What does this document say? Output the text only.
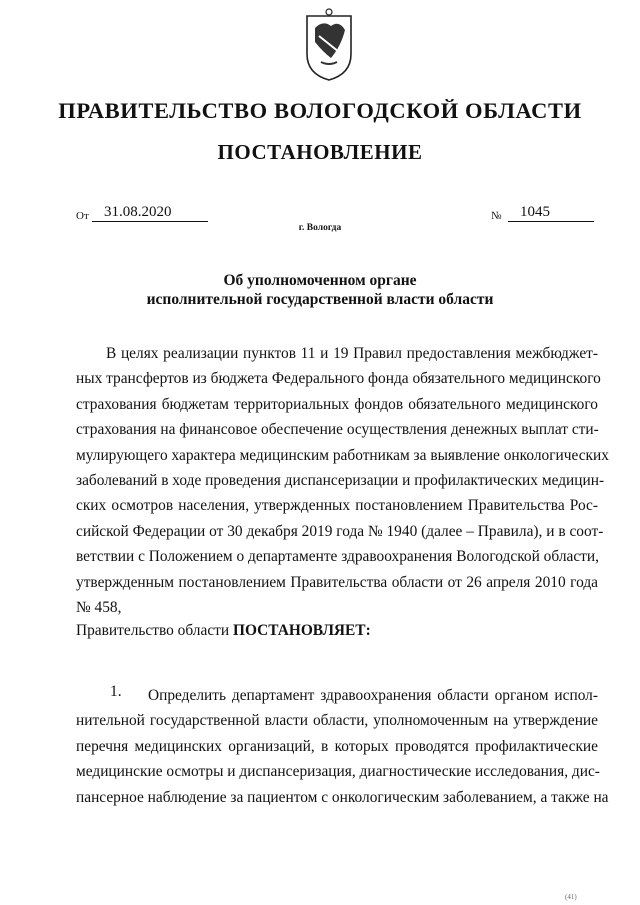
ПРАВИТЕЛЬСТВО ВОЛОГОДСКОЙ ОБЛАСТИ
ПОСТАНОВЛЕНИЕ
От 31.08.2020	№ 1045
г. Вологда
Об уполномоченном органе
исполнительной государственной власти области
В целях реализации пунктов 11 и 19 Правил предоставления межбюджет-
ных трансфертов из бюджета Федерального фонда обязательного медицинского
страхования бюджетам территориальных фондов обязательного медицинского
страхования на финансовое обеспечение осуществления денежных выплат сти-
мулирующего характера медицинским работникам за выявление онкологических
заболеваний в ходе проведения диспансеризации и профилактических медицин-
ских осмотров населения, утвержденных постановлением Правительства Рос-
сийской Федерации от 30 декабря 2019 года № 1940 (далее – Правила), и в соот-
ветствии с Положением о департаменте здравоохранения Вологодской области,
утвержденным постановлением Правительства области от 26 апреля 2010 года
№ 458,
Правительство области ПОСТАНОВЛЯЕТ:
1.	Определить департамент здравоохранения области органом испол-
нительной государственной власти области, уполномоченным на утверждение
перечня медицинских организаций, в которых проводятся профилактические
медицинские осмотры и диспансеризация, диагностические исследования, дис-
пансерное наблюдение за пациентом с онкологическим заболеванием, а также на
(41)
